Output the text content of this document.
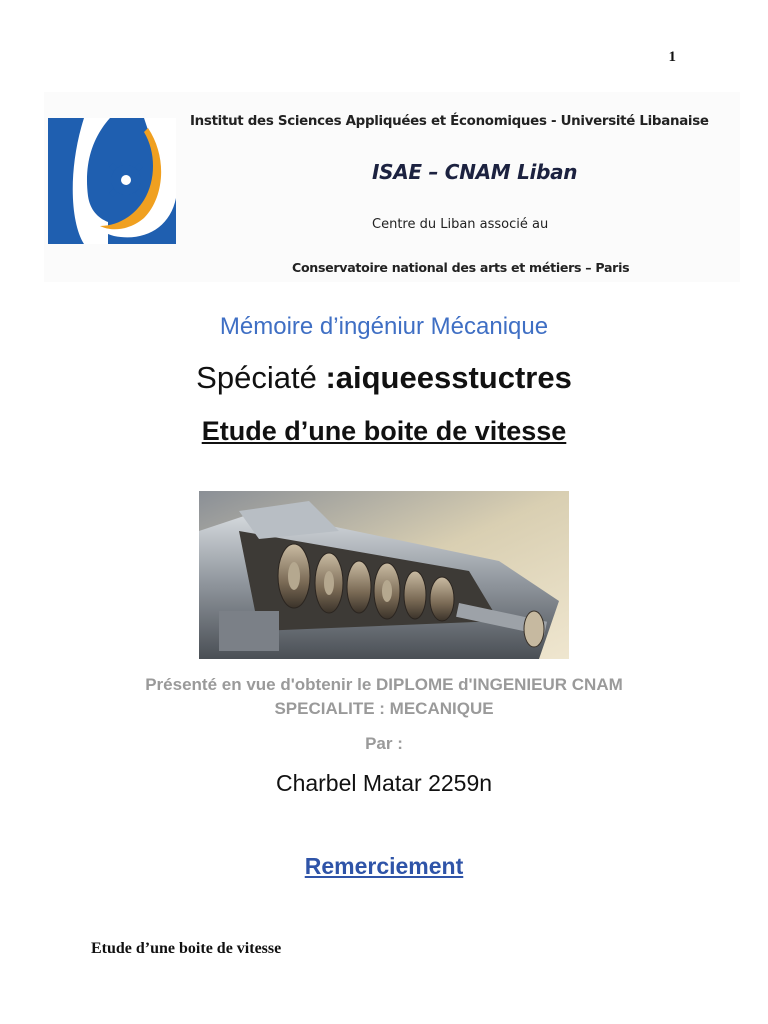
1
Institut des Sciences Appliquées et Économiques - Université Libanaise
ISAE – CNAM Liban
Centre du Liban associé au
Conservatoire national des arts et métiers – Paris
Mémoire d’ingéniur Mécanique
Spéciaté :aiqueesstuctres
Etude d’une boite de vitesse
Présenté en vue d'obtenir le DIPLOME d'INGENIEUR CNAM
SPECIALITE : MECANIQUE
Par :
Charbel Matar 2259n
Remerciement
Etude d’une boite de vitesse
